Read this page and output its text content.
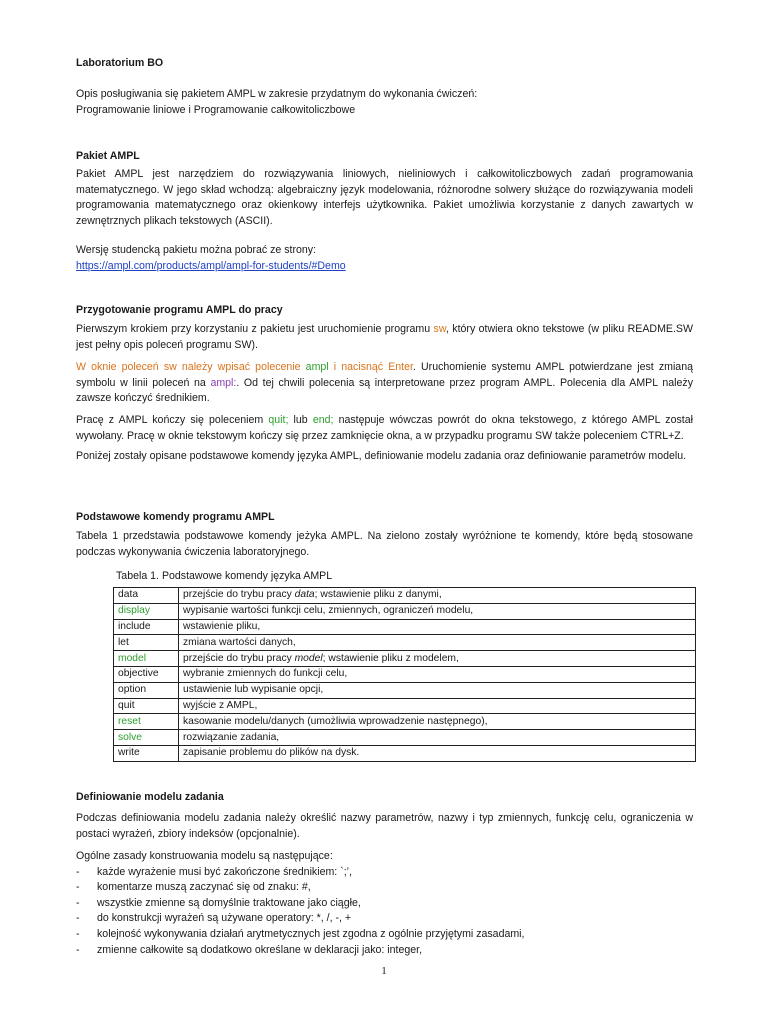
Laboratorium BO
Opis posługiwania się pakietem AMPL w zakresie przydatnym do wykonania ćwiczeń:
Programowanie liniowe i Programowanie całkowitoliczbowe
Pakiet AMPL

Pakiet AMPL jest narzędziem do rozwiązywania liniowych, nieliniowych i całkowitoliczbowych zadań programowania matematycznego. W jego skład wchodzą: algebraiczny język modelowania, różnorodne solwery służące do rozwiązywania modeli programowania matematycznego oraz okienkowy interfejs użytkownika. Pakiet umożliwia korzystanie z danych zawartych w zewnętrznych plikach tekstowych (ASCII).

Wersję studencką pakietu można pobrać ze strony:
https://ampl.com/products/ampl/ampl-for-students/#Demo
Przygotowanie programu AMPL do pracy

Pierwszym krokiem przy korzystaniu z pakietu jest uruchomienie programu sw, który otwiera okno tekstowe (w pliku README.SW jest pełny opis poleceń programu SW).

W oknie poleceń sw należy wpisać polecenie ampl i nacisnąć Enter. Uruchomienie systemu AMPL potwierdzane jest zmianą symbolu w linii poleceń na ampl:. Od tej chwili polecenia są interpretowane przez program AMPL. Polecenia dla AMPL należy zawsze kończyć średnikiem.

Pracę z AMPL kończy się poleceniem quit; lub end; następuje wówczas powrót do okna tekstowego, z którego AMPL został wywołany. Pracę w oknie tekstowym kończy się przez zamknięcie okna, a w przypadku programu SW także poleceniem CTRL+Z.

Poniżej zostały opisane podstawowe komendy języka AMPL, definiowanie modelu zadania oraz definiowanie parametrów modelu.

Podstawowe komendy programu AMPL

Tabela 1 przedstawia podstawowe komendy jeżyka AMPL. Na zielono zostały wyróżnione te komendy, które będą stosowane podczas wykonywania ćwiczenia laboratoryjnego.

Tabela 1. Podstawowe komendy języka AMPL
data	przejście do trybu pracy data; wstawienie pliku z danymi,
display	wypisanie wartości funkcji celu, zmiennych, ograniczeń modelu,
include	wstawienie pliku,
let	zmiana wartości danych,
model	przejście do trybu pracy model; wstawienie pliku z modelem,
objective	wybranie zmiennych do funkcji celu,
option	ustawienie lub wypisanie opcji,
quit	wyjście z AMPL,
reset	kasowanie modelu/danych (umożliwia wprowadzenie następnego),
solve	rozwiązanie zadania,
write	zapisanie problemu do plików na dysk.
Definiowanie modelu zadania

Podczas definiowania modelu zadania należy określić nazwy parametrów, nazwy i typ zmiennych, funkcję celu, ograniczenia w postaci wyrażeń, zbiory indeksów (opcjonalnie).

Ogólne zasady konstruowania modelu są następujące:
- każde wyrażenie musi być zakończone średnikiem: `;’,
- komentarze muszą zaczynać się od znaku: #,
- wszystkie zmienne są domyślnie traktowane jako ciągłe,
- do konstrukcji wyrażeń są używane operatory: *, /, -, +
- kolejność wykonywania działań arytmetycznych jest zgodna z ogólnie przyjętymi zasadami,
- zmienne całkowite są dodatkowo określane w deklaracji jako: integer,
1
